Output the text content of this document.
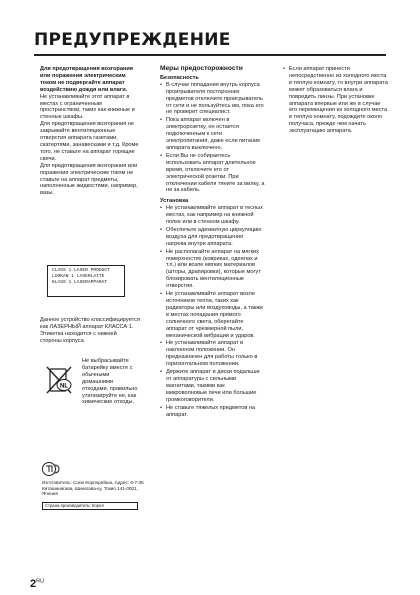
ПРЕДУПРЕЖДЕНИЕ

Для предотвращения возгорания или поражения электрическим током не подвергайте аппарат воздействию дождя или влаги.

Не устанавливайте этот аппарат в местах с ограниченным пространством, таких как книжные и стенные шкафы.

Для предотвращения возгорания не закрывайте вентиляционные отверстия аппарата газетами, скатертями, занавесками и т.д. Кроме того, не ставьте на аппарат горящие свечи.

Для предотвращения возгорания или поражения электрическим током не ставьте на аппарат предметы, наполненные жидкостями, например, вазы.

CLASS 1 LASER PRODUCT
LUOKAN 1 LASERLAITE
KLASS 1 LASERAPPARAT
Данное устройство классифицируется как ЛАЗЕРНЫЙ аппарат КЛАССА 1. Этикетка находится с нижней стороны корпуса.
NL
Не выбрасывайте батарейку вместе с обычными домашними отходами, правильно утилизируйте ее, как химические отходы.
Изготовитель: Сони Корпорейшн, Адрес: 6-7-35 Киташинагава, Шинагава-ку, Токио 141-0001, Япония
Страна-производитель: Корея
Меры предосторожности
Безопасность
• В случае попадания внутрь корпуса проигрывателя посторонних предметов отключите проигрыватель от сети и не пользуйтесь им, пока его не проверит специалист.
• Пока аппарат включен в электророзетку, он остается подключенным к сети электропитания, даже если питание аппарата выключено.
• Если Вы не собираетесь использовать аппарат длительное время, отключите его от электрической розетки. При отключении кабеля тяните за вилку, а не за кабель.
Установка
• Не устанавливайте аппарат в тесных местах, как например на книжной полке или в стенном шкафу.
• Обеспечьте адекватную циркуляцию воздуха для предотвращения нагрева внутри аппарата.
• Не располагайте аппарат на мягких поверхностях (ковриках, одеялах и т.п.) или возле мягких материалов (шторы, драпировки), которые могут блокировать вентиляционные отверстия.
• Не устанавливайте аппарат возле источников тепла, таких как радиаторы или воздуховоды, а также в местах попадания прямого солнечного света, оберегайте аппарат от чрезмерной пыли, механической вибрации и ударов.
• Не устанавливайте аппарат в наклонном положении. Он предназначен для работы только в горизонтальном положении.
• Держите аппарат и диски подальше от аппаратуры с сильными магнитами, такими как микроволновые печи или большие громкоговорители.
• Не ставьте тяжелых предметов на аппарат.
• Если аппарат принести непосредственно из холодного места в теплую комнату, то внутри аппарата может образоваться влага и повредить линзы. При установке аппарата впервые или же в случае его перемещения из холодного места в теплую комнату, подождите около получаса, прежде чем начать эксплуатацию аппарата.
$2^{RU}$
